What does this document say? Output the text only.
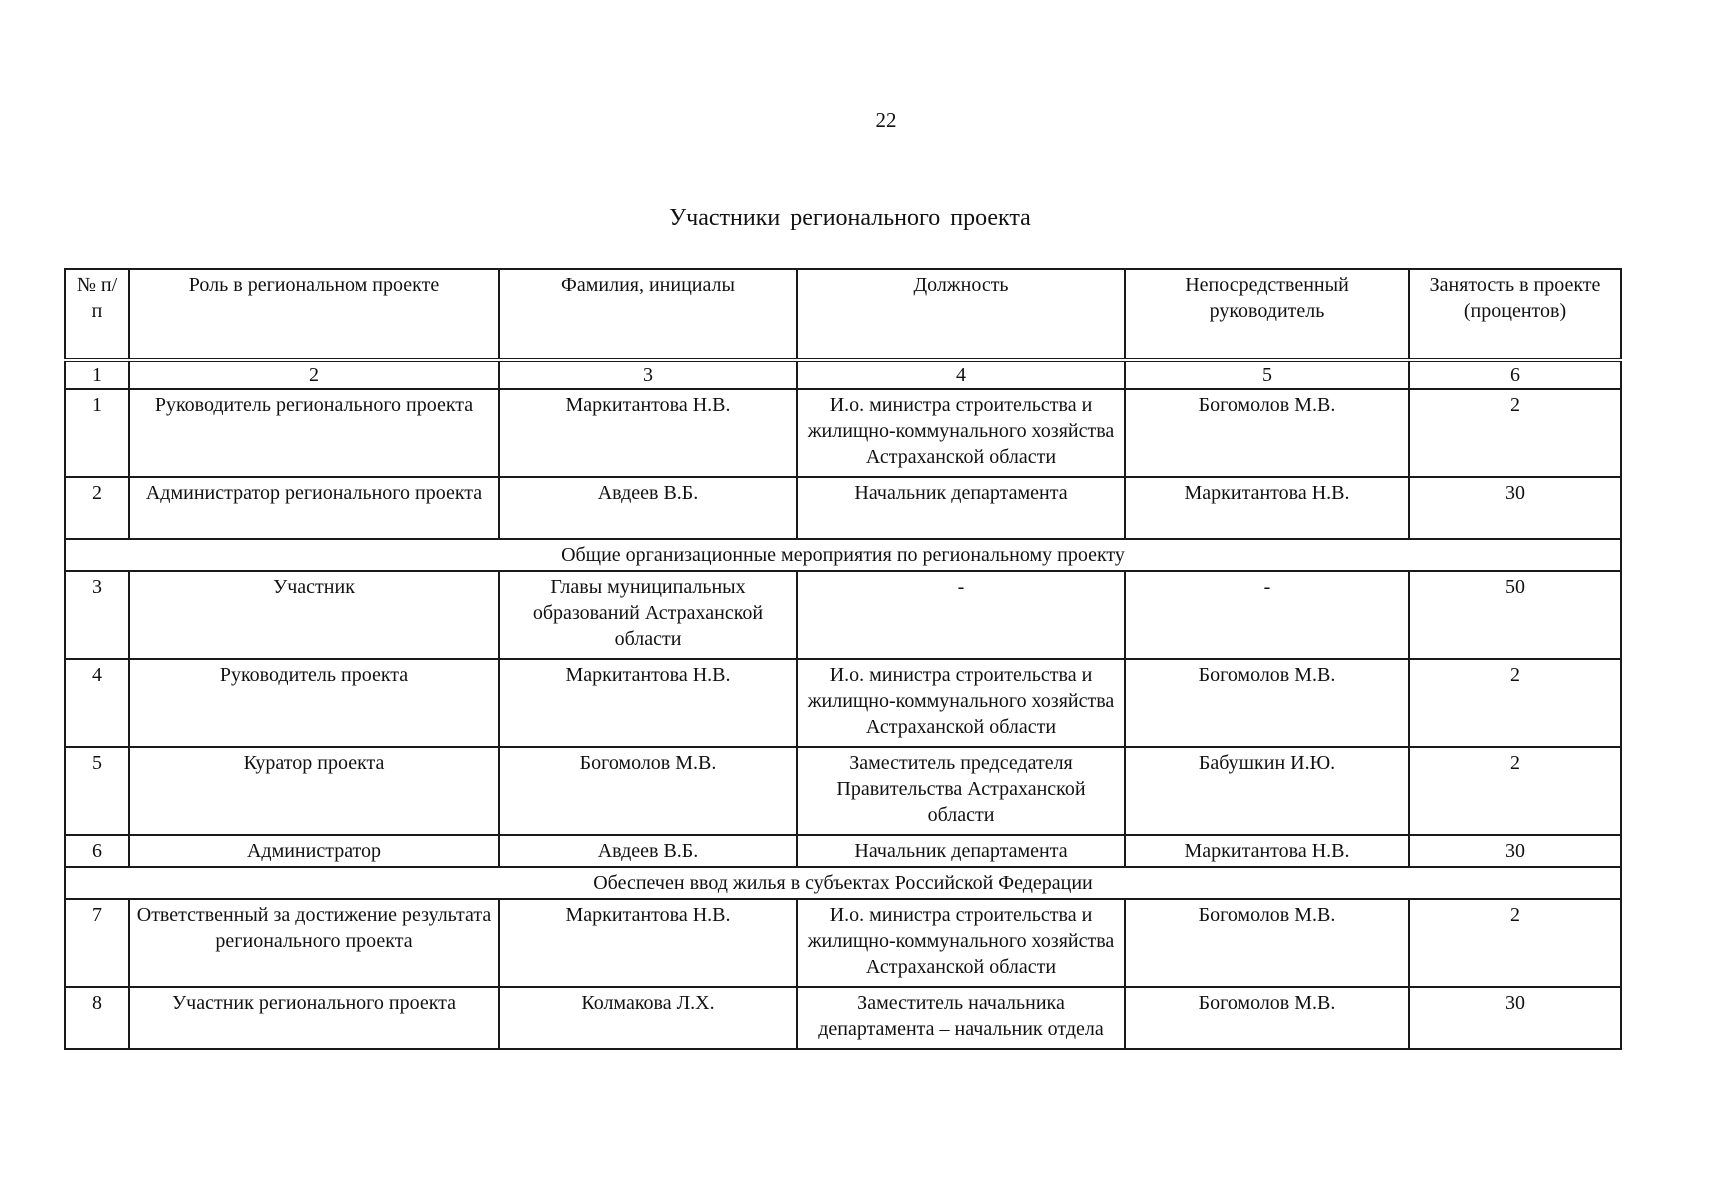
22
Участники регионального проекта
№ п/п	Роль в региональном проекте	Фамилия, инициалы	Должность	Непосредственный руководитель	Занятость в проекте (процентов)
1	2	3	4	5	6
1	Руководитель регионального проекта	Маркитантова Н.В.	И.о. министра строительства и жилищно-коммунального хозяйства Астраханской области	Богомолов М.В.	2
2	Администратор регионального проекта	Авдеев В.Б.	Начальник департамента	Маркитантова Н.В.	30
Общие организационные мероприятия по региональному проекту					
3	Участник	Главы муниципальных образований Астраханской области	-	-	50
4	Руководитель проекта	Маркитантова Н.В.	И.о. министра строительства и жилищно-коммунального хозяйства Астраханской области	Богомолов М.В.	2
5	Куратор проекта	Богомолов М.В.	Заместитель председателя Правительства Астраханской области	Бабушкин И.Ю.	2
6	Администратор	Авдеев В.Б.	Начальник департамента	Маркитантова Н.В.	30
Обеспечен ввод жилья в субъектах Российской Федерации					
7	Ответственный за достижение результата регионального проекта	Маркитантова Н.В.	И.о. министра строительства и жилищно-коммунального хозяйства Астраханской области	Богомолов М.В.	2
8	Участник регионального проекта	Колмакова Л.Х.	Заместитель начальника департамента – начальник отдела	Богомолов М.В.	30
